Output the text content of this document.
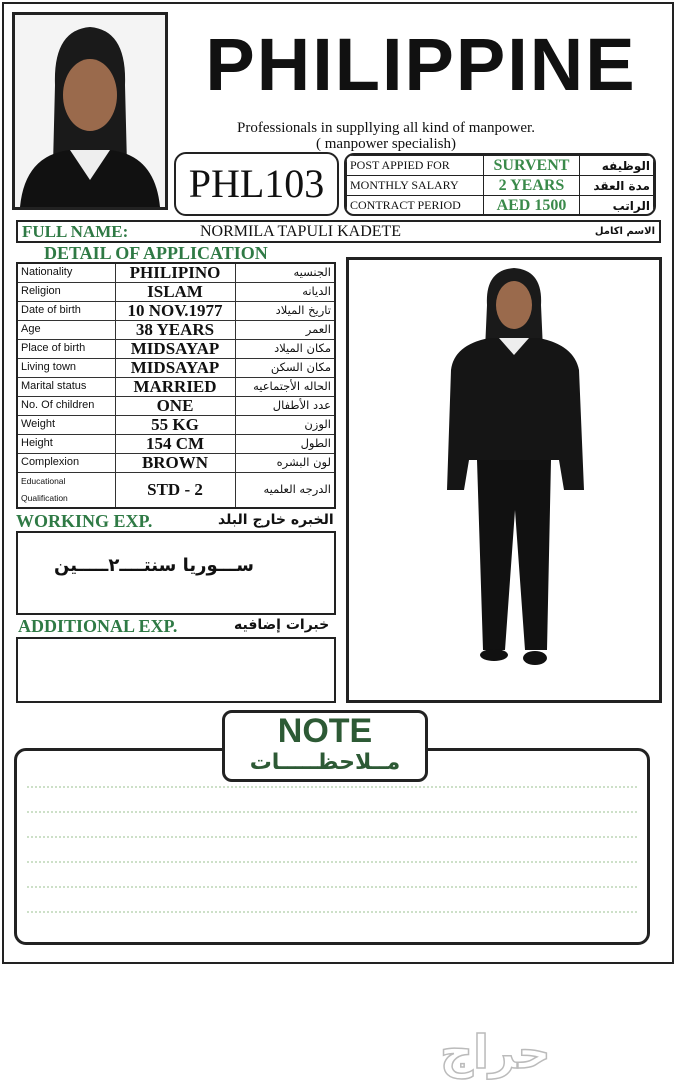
PHILIPPINE
Professionals in suppllying all kind of manpower.
( manpower specialish)
PHL103	POST APPIED FOR	SURVENT	الوظيفه
MONTHLY SALARY	2 YEARS	مدة العقد
CONTRACT PERIOD	AED 1500	الراتب
FULL NAME:	NORMILA TAPULI KADETE	الاسم اكامل
DETAIL OF APPLICATION
Nationality	PHILIPINO	الجنسيه
Religion	ISLAM	الديانه
Date of birth	10 NOV.1977	تاريخ الميلاد
Age	38 YEARS	العمر
Place of birth	MIDSAYAP	مكان الميلاد
Living town	MIDSAYAP	مكان السكن
Marital status	MARRIED	الحاله الأجتماعيه
No. Of children	ONE	عدد الأطفال
Weight	55 KG	الوزن
Height	154 CM	الطول
Complexion	BROWN	لون البشره
Educational Qualification	STD - 2	الدرجه العلميه
WORKING EXP.	الخبره خارج البلد
ســـوريا سنتــــ٢ـــــين
ADDITIONAL EXP.	خبرات إضافيه
NOTE
مــلاحظـــــات
حراج
